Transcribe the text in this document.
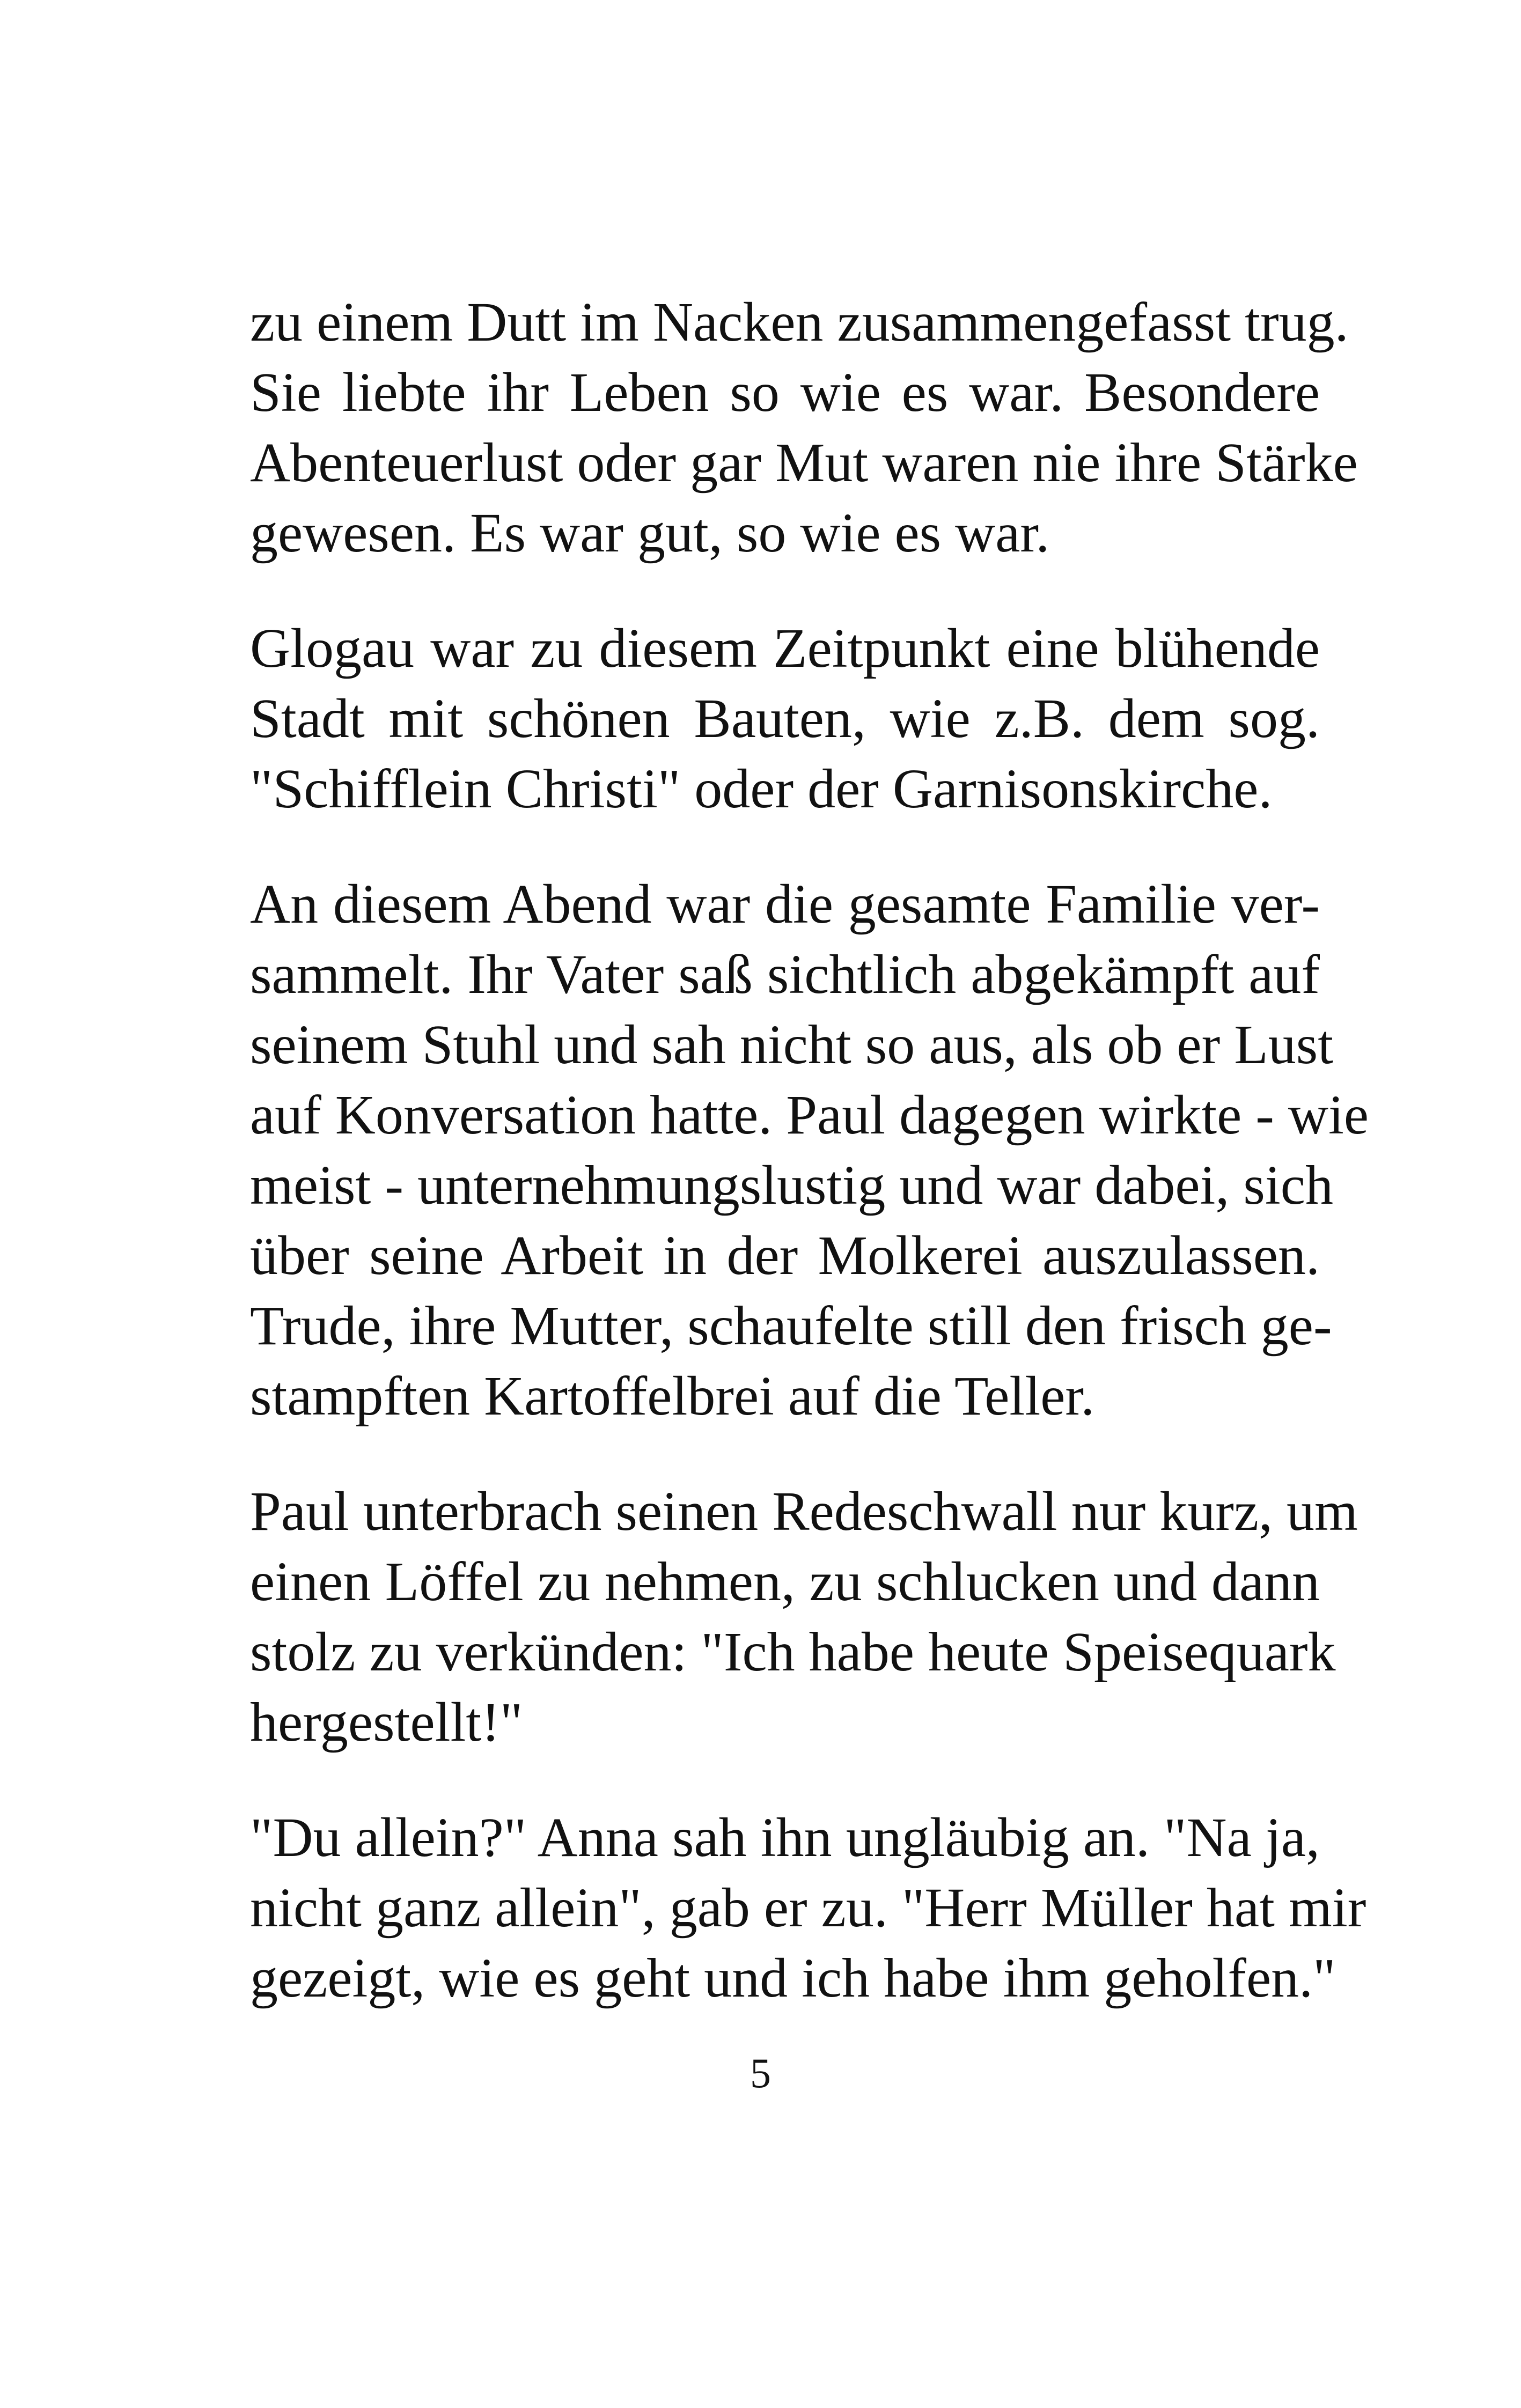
zu einem Dutt im Nacken zusammengefasst trug.
Sie liebte ihr Leben so wie es war. Besondere
Abenteuerlust oder gar Mut waren nie ihre Stärke
gewesen. Es war gut, so wie es war.
Glogau war zu diesem Zeitpunkt eine blühende
Stadt mit schönen Bauten, wie z.B. dem sog.
"Schifflein Christi" oder der Garnisonskirche.
An diesem Abend war die gesamte Familie ver-
sammelt. Ihr Vater saß sichtlich abgekämpft auf
seinem Stuhl und sah nicht so aus, als ob er Lust
auf Konversation hatte. Paul dagegen wirkte - wie
meist - unternehmungslustig und war dabei, sich
über seine Arbeit in der Molkerei auszulassen.
Trude, ihre Mutter, schaufelte still den frisch ge-
stampften Kartoffelbrei auf die Teller.
Paul unterbrach seinen Redeschwall nur kurz, um
einen Löffel zu nehmen, zu schlucken und dann
stolz zu verkünden: "Ich habe heute Speisequark
hergestellt!"
"Du allein?" Anna sah ihn ungläubig an. "Na ja,
nicht ganz allein", gab er zu. "Herr Müller hat mir
gezeigt, wie es geht und ich habe ihm geholfen."
5
